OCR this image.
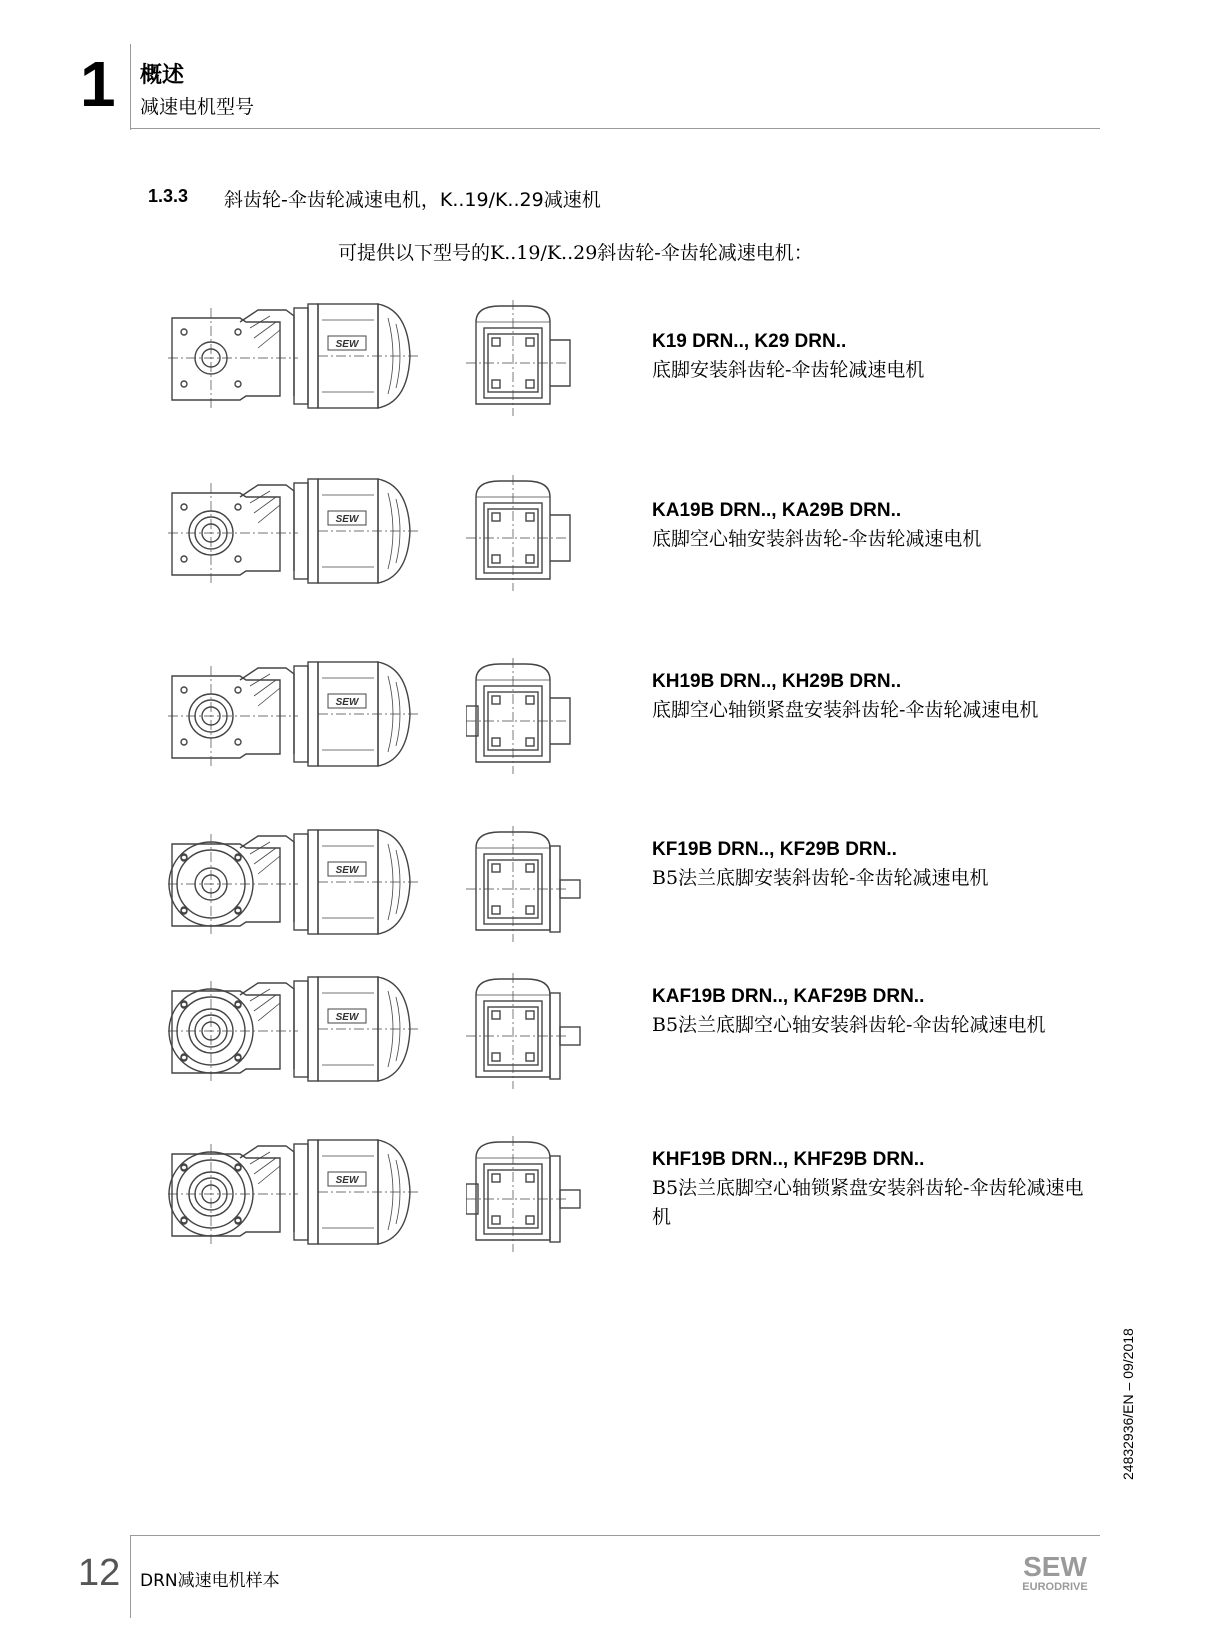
1 概述
减速电机型号
1.3.3 斜齿轮-伞齿轮减速电机，K..19/K..29减速机
可提供以下型号的K..19/K..29斜齿轮-伞齿轮减速电机：
SEW	K19 DRN.., K29 DRN..
底脚安装斜齿轮-伞齿轮减速电机
SEW	KA19B DRN.., KA29B DRN..
底脚空心轴安装斜齿轮-伞齿轮减速电机
SEW
KH19B DRN.., KH29B DRN..
底脚空心轴锁紧盘安装斜齿轮-伞齿轮减速电机
SEW
KF19B DRN.., KF29B DRN..
B5法兰底脚安装斜齿轮-伞齿轮减速电机
SEW
KAF19B DRN.., KAF29B DRN..
B5法兰底脚空心轴安装斜齿轮-伞齿轮减速电机
SEW
KHF19B DRN.., KHF29B DRN..
B5法兰底脚空心轴锁紧盘安装斜齿轮-伞齿轮减速电机
24832936/EN – 09/2018
12 DRN减速电机样本	SEW
EURODRIVE
